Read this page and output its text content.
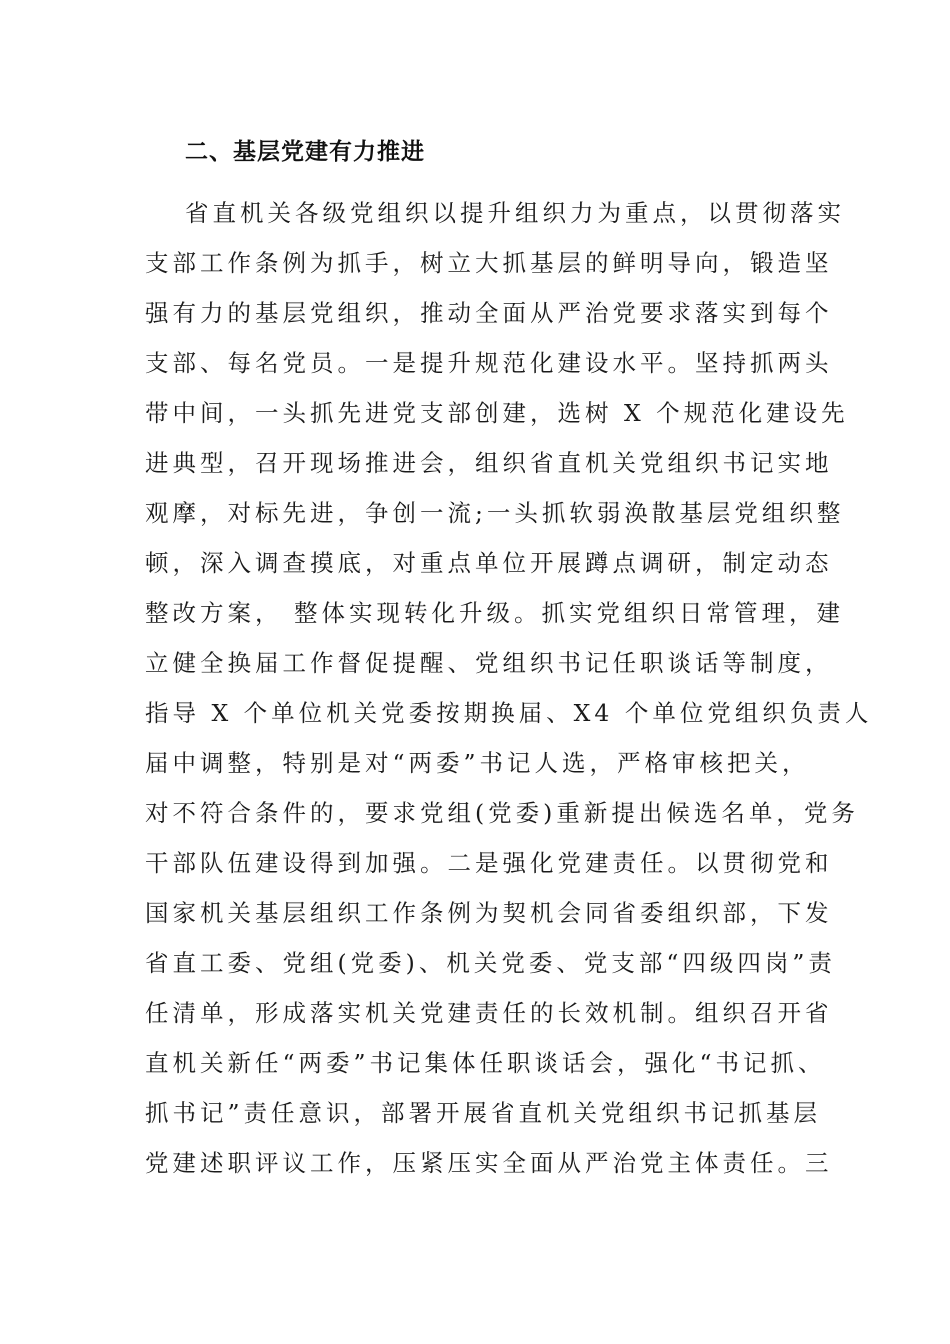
二、基层党建有力推进
省直机关各级党组织以提升组织力为重点，以贯彻落实
支部工作条例为抓手，树立大抓基层的鲜明导向，锻造坚
强有力的基层党组织，推动全面从严治党要求落实到每个
支部、每名党员。一是提升规范化建设水平。坚持抓两头
带中间，一头抓先进党支部创建，选树 X 个规范化建设先
进典型，召开现场推进会，组织省直机关党组织书记实地
观摩，对标先进，争创一流;一头抓软弱涣散基层党组织整
顿，深入调查摸底，对重点单位开展蹲点调研，制定动态
整改方案， 整体实现转化升级。抓实党组织日常管理，建
立健全换届工作督促提醒、党组织书记任职谈话等制度，
指导 X 个单位机关党委按期换届、X4 个单位党组织负责人
届中调整，特别是对“两委”书记人选，严格审核把关，
对不符合条件的，要求党组(党委)重新提出候选名单，党务
干部队伍建设得到加强。二是强化党建责任。以贯彻党和
国家机关基层组织工作条例为契机会同省委组织部，下发
省直工委、党组(党委)、机关党委、党支部“四级四岗”责
任清单，形成落实机关党建责任的长效机制。组织召开省
直机关新任“两委”书记集体任职谈话会，强化“书记抓、
抓书记”责任意识，部署开展省直机关党组织书记抓基层
党建述职评议工作，压紧压实全面从严治党主体责任。三
